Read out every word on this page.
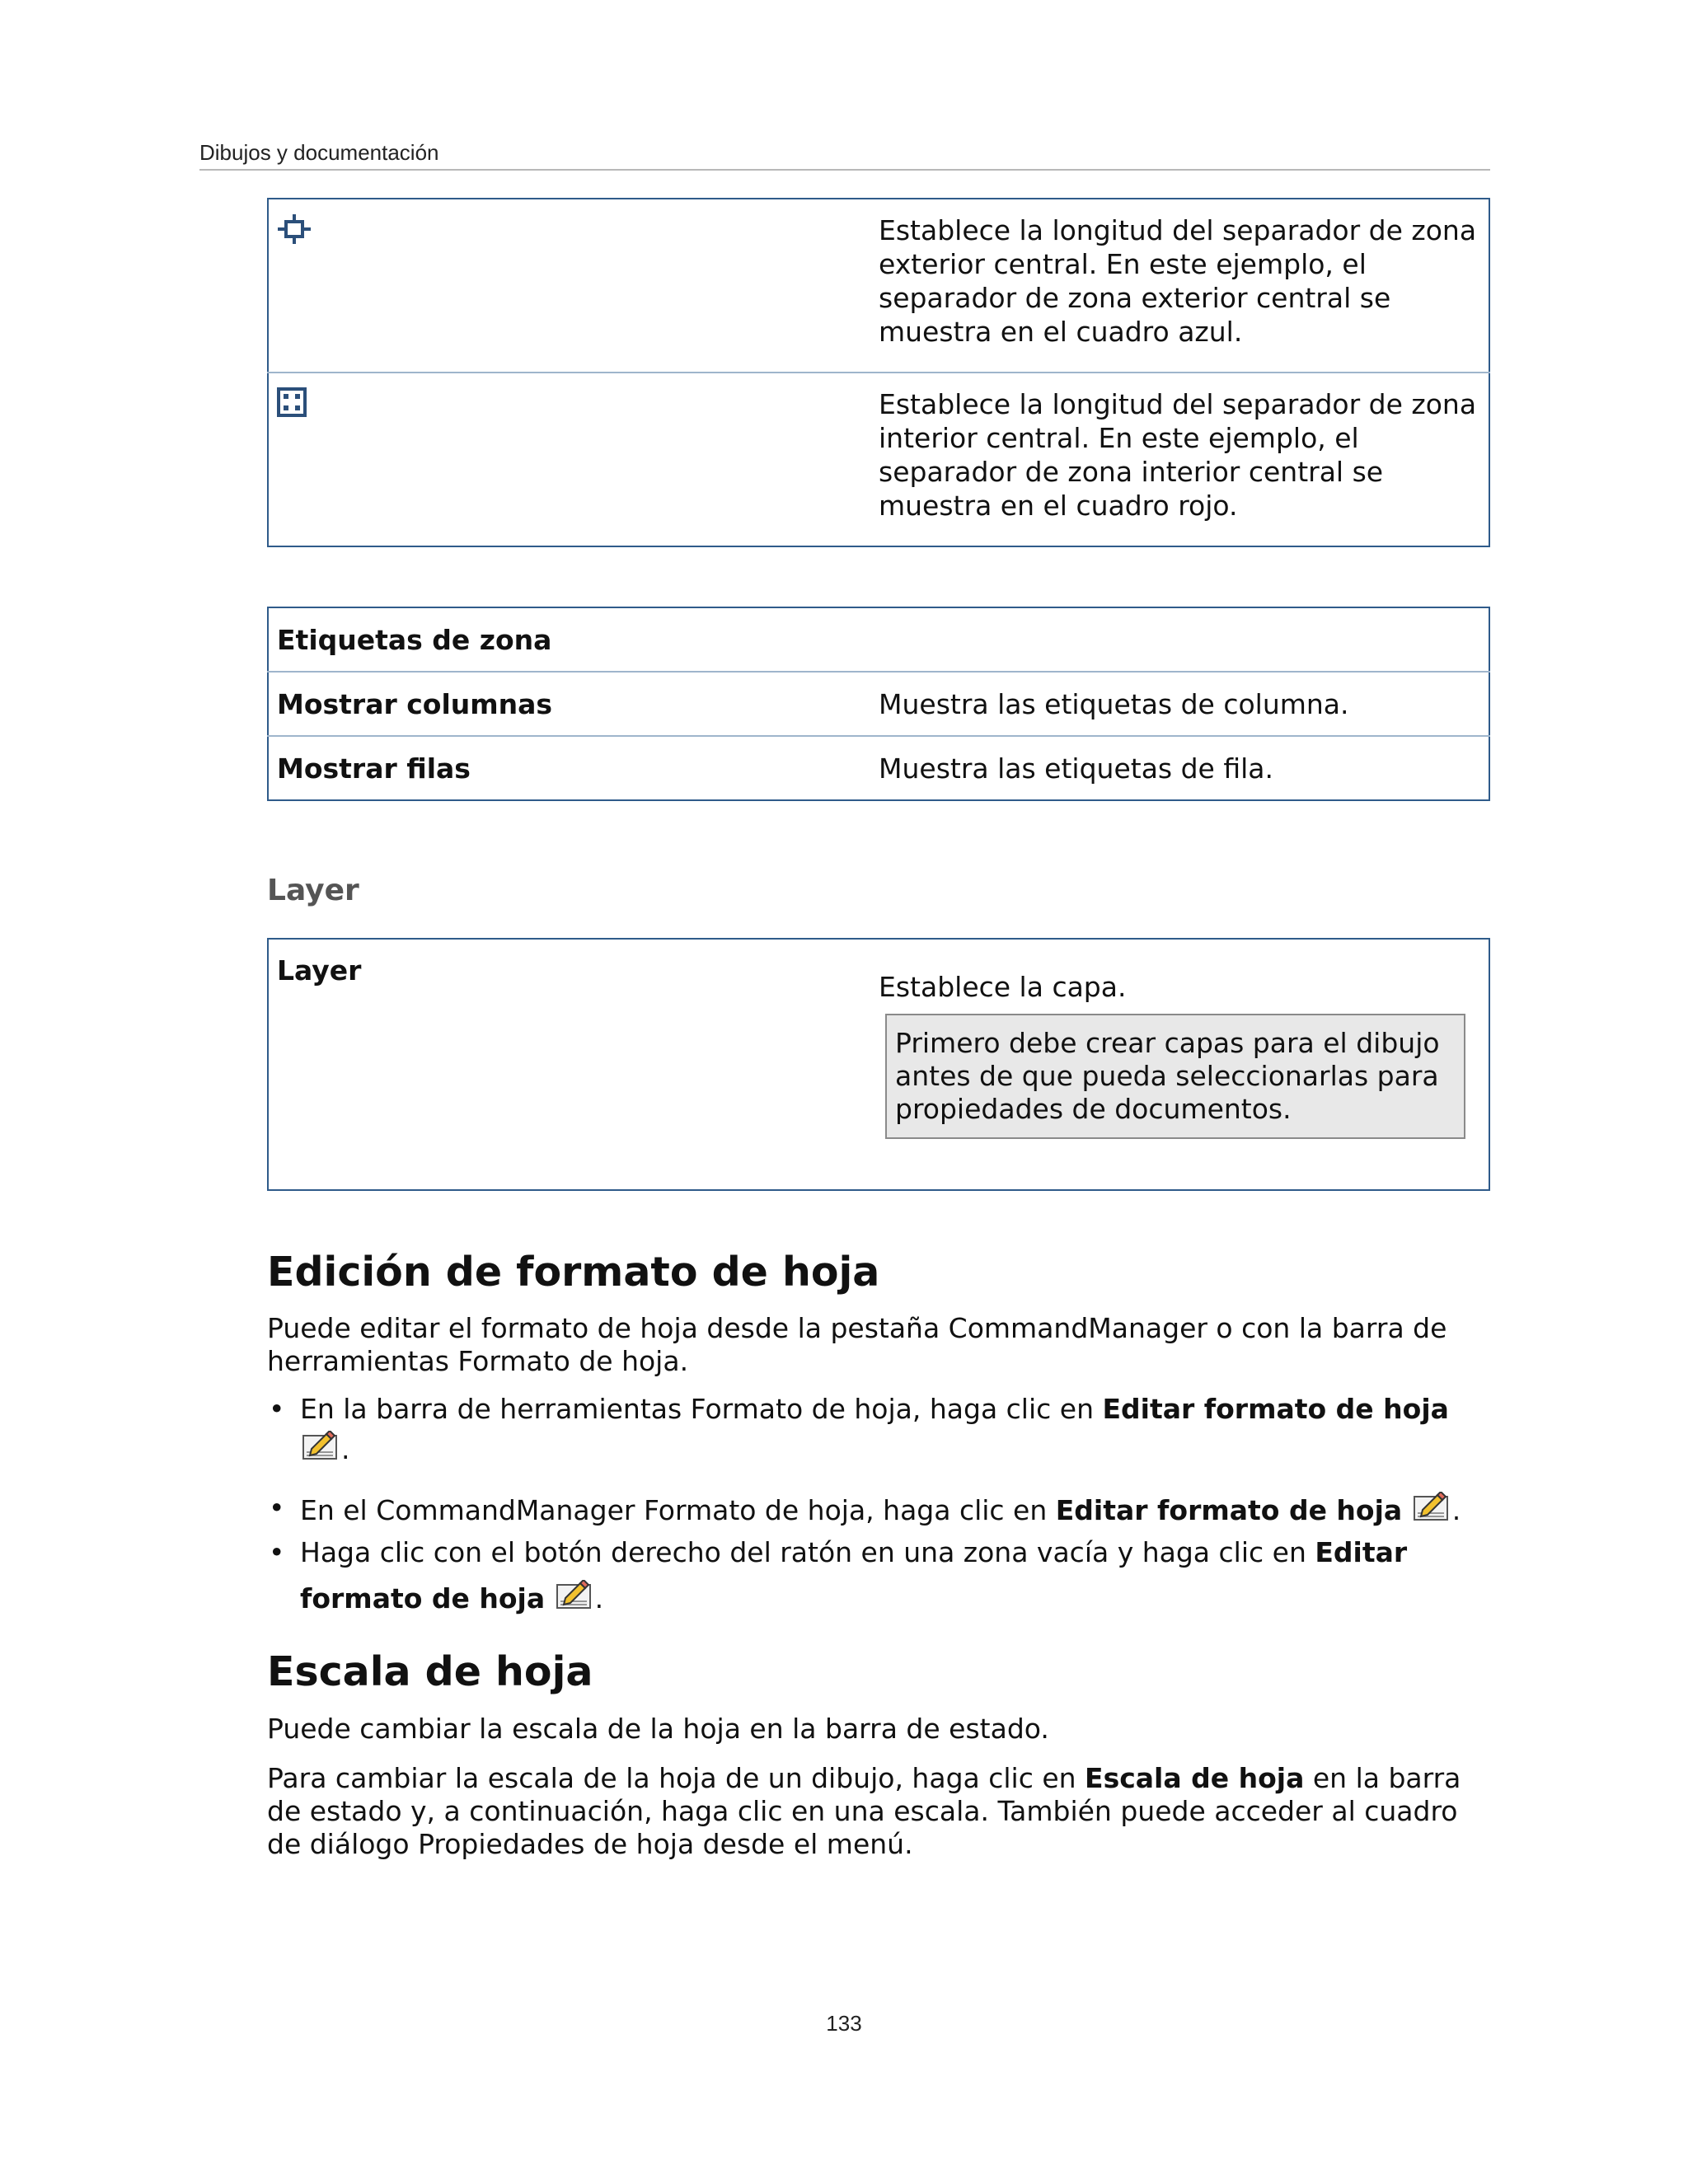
Dibujos y documentación
	Establece la longitud del separador de zona exterior central. En este ejemplo, el separador de zona exterior central se muestra en el cuadro azul.
	Establece la longitud del separador de zona interior central. En este ejemplo, el separador de zona interior central se muestra en el cuadro rojo.
Etiquetas de zona	
Mostrar columnas	Muestra las etiquetas de columna.
Mostrar filas	Muestra las etiquetas de fila.
Layer
Layer	
Establece la capa.
Primero debe crear capas para el dibujo antes de que pueda seleccionarlas para propiedades de documentos.
Edición de formato de hoja
Puede editar el formato de hoja desde la pestaña CommandManager o con la barra de herramientas Formato de hoja.
• En la barra de herramientas Formato de hoja, haga clic en Editar formato de hoja
.
• En el CommandManager Formato de hoja, haga clic en Editar formato de hoja .
• Haga clic con el botón derecho del ratón en una zona vacía y haga clic en Editar formato de hoja .
Escala de hoja
Puede cambiar la escala de la hoja en la barra de estado.
Para cambiar la escala de la hoja de un dibujo, haga clic en Escala de hoja en la barra de estado y, a continuación, haga clic en una escala. También puede acceder al cuadro de diálogo Propiedades de hoja desde el menú.
133
